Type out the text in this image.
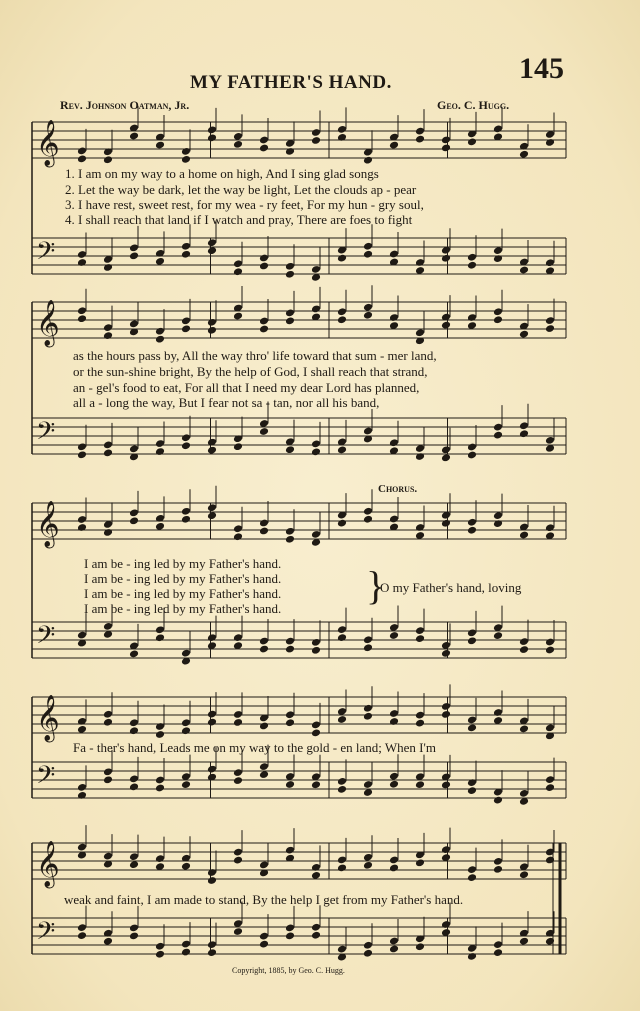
145
MY FATHER'S HAND.
Rev. Johnson Oatman, Jr.	Geo. C. Hugg.
𝄞
𝄢
𝄞
𝄢
𝄞
𝄢
𝄞
𝄢
𝄞
𝄢
1. I am on my way to a home on high, And I sing glad songs
2. Let the way be dark, let the way be light, Let the clouds ap - pear
3. I have rest, sweet rest, for my wea - ry feet, For my hun - gry soul,
4. I shall reach that land if I watch and pray, There are foes to fight
as the hours pass by, All the way thro' life toward that sum - mer land,
or the sun-shine bright, By the help of God, I shall reach that strand,
an - gel's food to eat, For all that I need my dear Lord has planned,
all a - long the way, But I fear not sa - tan, nor all his band,
Chorus.
I am be - ing led by my Father's hand.
I am be - ing led by my Father's hand.
I am be - ing led by my Father's hand.
I am be - ing led by my Father's hand.
}
O my Father's hand, loving
Fa - ther's hand, Leads me on my way to the gold - en land; When I'm
weak and faint, I am made to stand, By the help I get from my Father's hand.
Copyright, 1885, by Geo. C. Hugg.
